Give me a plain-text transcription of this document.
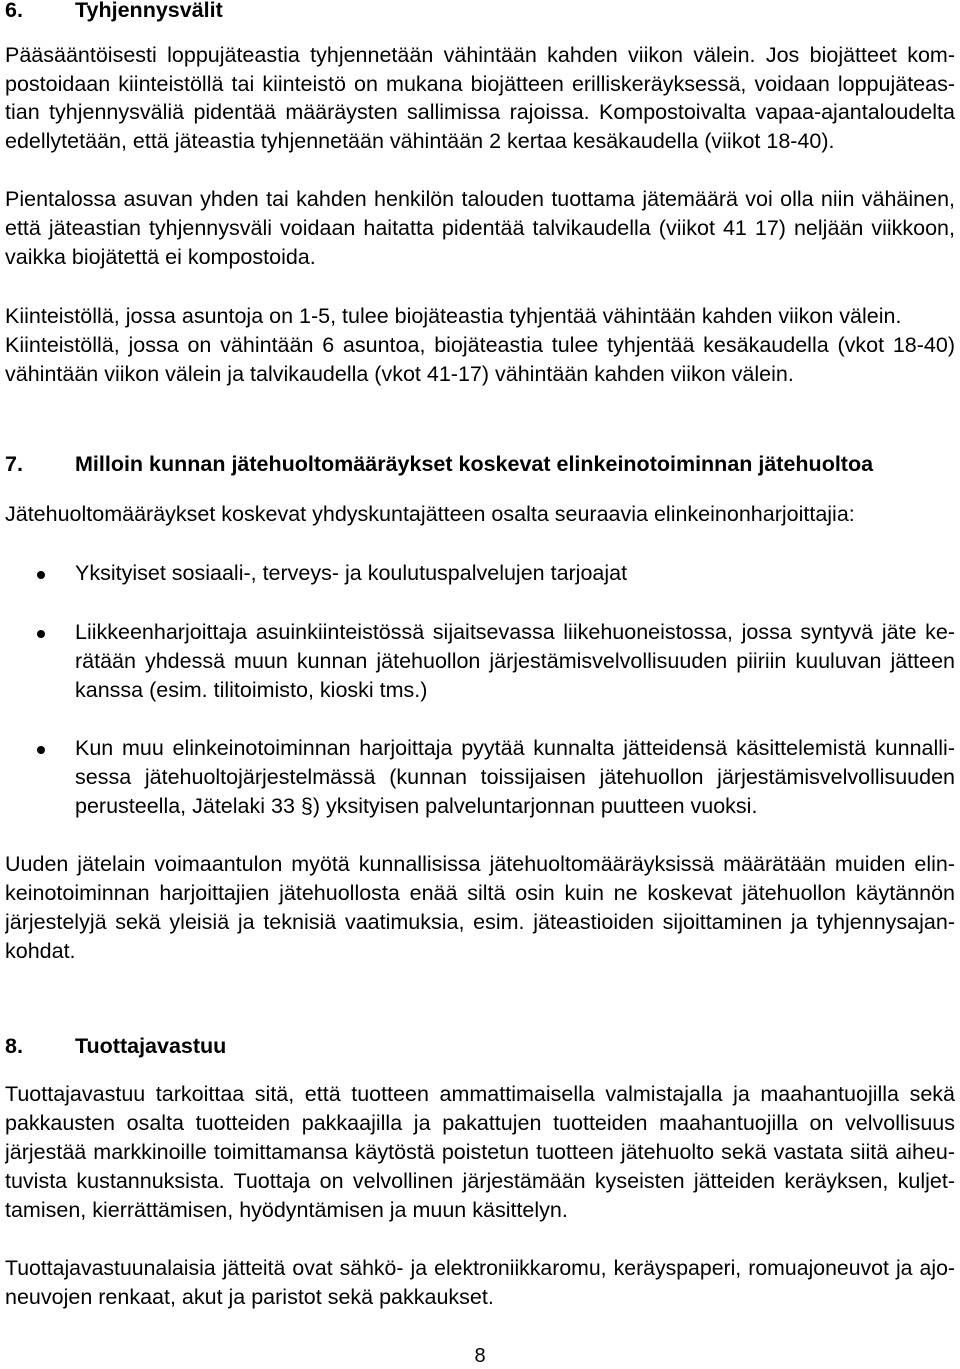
6. Tyhjennysvälit
Pääsääntöisesti loppujäteastia tyhjennetään vähintään kahden viikon välein. Jos biojätteet kom-
postoidaan kiinteistöllä tai kiinteistö on mukana biojätteen erilliskeräyksessä, voidaan loppujäteas-
tian tyhjennysväliä pidentää määräysten sallimissa rajoissa. Kompostoivalta vapaa-ajantaloudelta
edellytetään, että jäteastia tyhjennetään vähintään 2 kertaa kesäkaudella (viikot 18-40).
Pientalossa asuvan yhden tai kahden henkilön talouden tuottama jätemäärä voi olla niin vähäinen,
että jäteastian tyhjennysväli voidaan haitatta pidentää talvikaudella (viikot 41 17) neljään viikkoon,
vaikka biojätettä ei kompostoida.
Kiinteistöllä, jossa asuntoja on 1-5, tulee biojäteastia tyhjentää vähintään kahden viikon välein.
Kiinteistöllä, jossa on vähintään 6 asuntoa, biojäteastia tulee tyhjentää kesäkaudella (vkot 18-40)
vähintään viikon välein ja talvikaudella (vkot 41-17) vähintään kahden viikon välein.
7. Milloin kunnan jätehuoltomääräykset koskevat elinkeinotoiminnan jätehuoltoa
Jätehuoltomääräykset koskevat yhdyskuntajätteen osalta seuraavia elinkeinonharjoittajia:
Yksityiset sosiaali-, terveys- ja koulutuspalvelujen tarjoajat
Liikkeenharjoittaja asuinkiinteistössä sijaitsevassa liikehuoneistossa, jossa syntyvä jäte ke-
rätään yhdessä muun kunnan jätehuollon järjestämisvelvollisuuden piiriin kuuluvan jätteen
kanssa (esim. tilitoimisto, kioski tms.)
Kun muu elinkeinotoiminnan harjoittaja pyytää kunnalta jätteidensä käsittelemistä kunnalli-
sessa jätehuoltojärjestelmässä (kunnan toissijaisen jätehuollon järjestämisvelvollisuuden
perusteella, Jätelaki 33 §) yksityisen palveluntarjonnan puutteen vuoksi.
Uuden jätelain voimaantulon myötä kunnallisissa jätehuoltomääräyksissä määrätään muiden elin-
keinotoiminnan harjoittajien jätehuollosta enää siltä osin kuin ne koskevat jätehuollon käytännön
järjestelyjä sekä yleisiä ja teknisiä vaatimuksia, esim. jäteastioiden sijoittaminen ja tyhjennysajan-
kohdat.
8. Tuottajavastuu
Tuottajavastuu tarkoittaa sitä, että tuotteen ammattimaisella valmistajalla ja maahantuojilla sekä
pakkausten osalta tuotteiden pakkaajilla ja pakattujen tuotteiden maahantuojilla on velvollisuus
järjestää markkinoille toimittamansa käytöstä poistetun tuotteen jätehuolto sekä vastata siitä aiheu-
tuvista kustannuksista. Tuottaja on velvollinen järjestämään kyseisten jätteiden keräyksen, kuljet-
tamisen, kierrättämisen, hyödyntämisen ja muun käsittelyn.
Tuottajavastuunalaisia jätteitä ovat sähkö- ja elektroniikkaromu, keräyspaperi, romuajoneuvot ja ajo-
neuvojen renkaat, akut ja paristot sekä pakkaukset.
8
